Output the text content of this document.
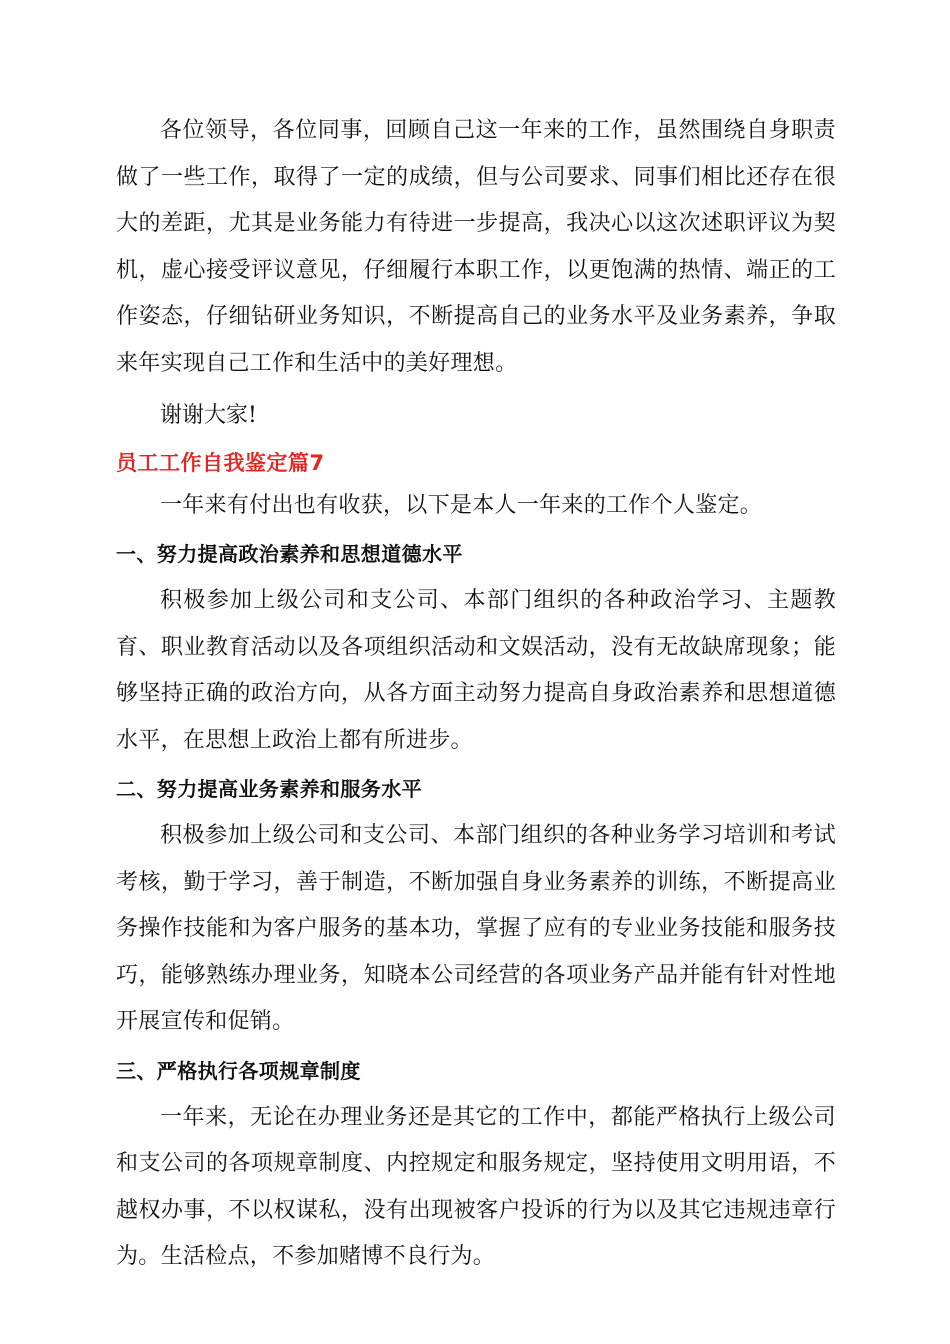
各位领导，各位同事，回顾自己这一年来的工作，虽然围绕自身职责做了一些工作，取得了一定的成绩，但与公司要求、同事们相比还存在很大的差距，尤其是业务能力有待进一步提高，我决心以这次述职评议为契机，虚心接受评议意见，仔细履行本职工作，以更饱满的热情、端正的工作姿态，仔细钻研业务知识，不断提高自己的业务水平及业务素养，争取来年实现自己工作和生活中的美好理想。

谢谢大家!

员工工作自我鉴定篇7

一年来有付出也有收获，以下是本人一年来的工作个人鉴定。

一、努力提高政治素养和思想道德水平

积极参加上级公司和支公司、本部门组织的各种政治学习、主题教育、职业教育活动以及各项组织活动和文娱活动，没有无故缺席现象；能够坚持正确的政治方向，从各方面主动努力提高自身政治素养和思想道德水平，在思想上政治上都有所进步。

二、努力提高业务素养和服务水平

积极参加上级公司和支公司、本部门组织的各种业务学习培训和考试考核，勤于学习，善于制造，不断加强自身业务素养的训练，不断提高业务操作技能和为客户服务的基本功，掌握了应有的专业业务技能和服务技巧，能够熟练办理业务，知晓本公司经营的各项业务产品并能有针对性地开展宣传和促销。

三、严格执行各项规章制度

一年来，无论在办理业务还是其它的工作中，都能严格执行上级公司和支公司的各项规章制度、内控规定和服务规定，坚持使用文明用语，不越权办事，不以权谋私，没有出现被客户投诉的行为以及其它违规违章行为。生活检点，不参加赌博不良行为。
